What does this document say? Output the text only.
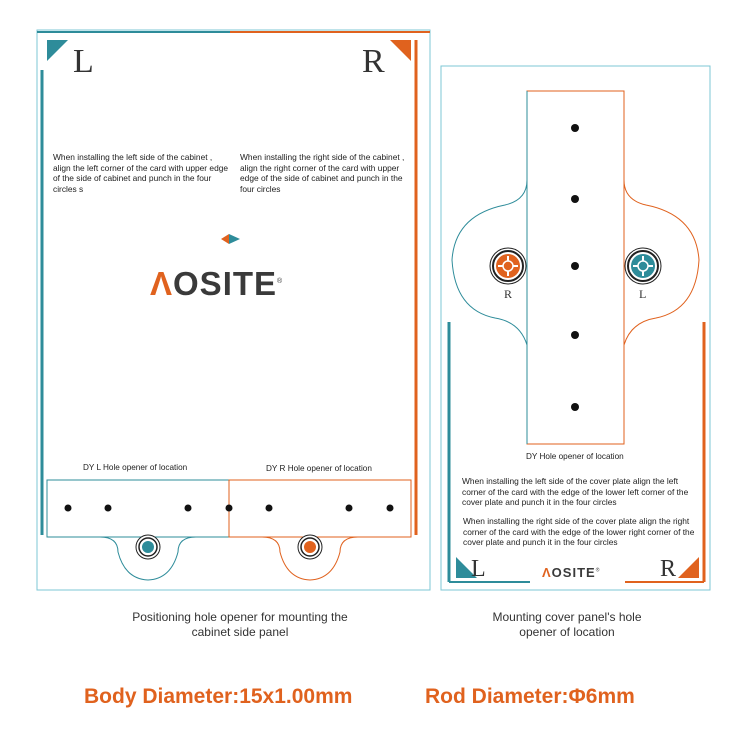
L	R
When installing the left side of the cabinet , align the left corner of the card with upper edge of the side of cabinet and punch in the four circles s
When installing the right side of the cabinet , align the right corner of the card with upper edge of the side of cabinet and punch in the four circles
ΛOSITE®
DY L Hole opener of location	DY R Hole opener of location
R	L
DY Hole opener of location
When installing the left side of the cover plate align the left corner of the card with the edge of the lower left corner of the cover plate and punch it in the four circles
When installing the right side of the cover plate align the right corner of the card with the edge of the lower right corner of the cover plate and punch it in the four circles
L	R
ΛOSITE®
Positioning hole opener for mounting the cabinet side panel
Mounting cover panel's hole opener of location
Body Diameter:15x1.00mm	Rod Diameter:Φ6mm
